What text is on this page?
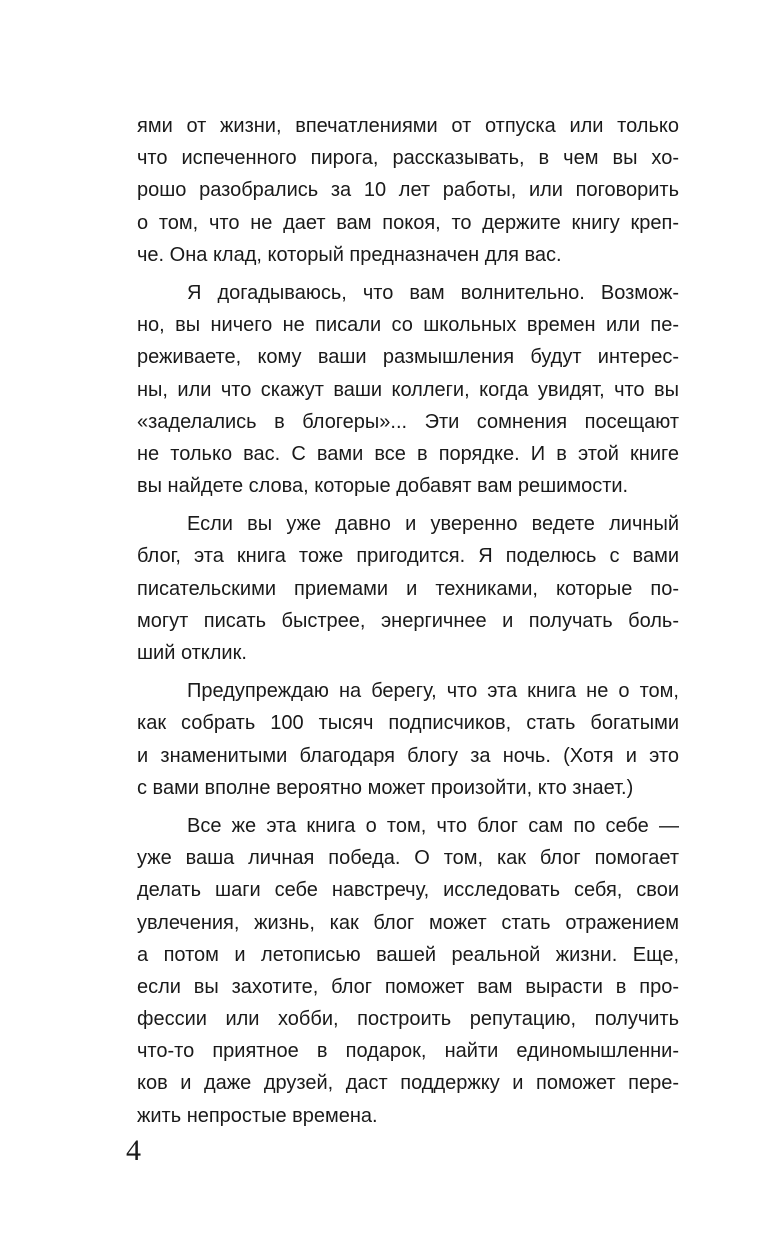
ями от жизни, впечатлениями от отпуска или только
что испеченного пирога, рассказывать, в чем вы хо-
рошо разобрались за 10 лет работы, или поговорить
о том, что не дает вам покоя, то держите книгу креп-
че. Она клад, который предназначен для вас.
Я догадываюсь, что вам волнительно. Возмож-
но, вы ничего не писали со школьных времен или пе-
реживаете, кому ваши размышления будут интерес-
ны, или что скажут ваши коллеги, когда увидят, что вы
«заделались в блогеры»... Эти сомнения посещают
не только вас. С вами все в порядке. И в этой книге
вы найдете слова, которые добавят вам решимости.
Если вы уже давно и уверенно ведете личный
блог, эта книга тоже пригодится. Я поделюсь с вами
писательскими приемами и техниками, которые по-
могут писать быстрее, энергичнее и получать боль-
ший отклик.
Предупреждаю на берегу, что эта книга не о том,
как собрать 100 тысяч подписчиков, стать богатыми
и знаменитыми благодаря блогу за ночь. (Хотя и это
с вами вполне вероятно может произойти, кто знает.)
Все же эта книга о том, что блог сам по себе —
уже ваша личная победа. О том, как блог помогает
делать шаги себе навстречу, исследовать себя, свои
увлечения, жизнь, как блог может стать отражением
а потом и летописью вашей реальной жизни. Еще,
если вы захотите, блог поможет вам вырасти в про-
фессии или хобби, построить репутацию, получить
что-то приятное в подарок, найти единомышленни-
ков и даже друзей, даст поддержку и поможет пере-
жить непростые времена.
4
